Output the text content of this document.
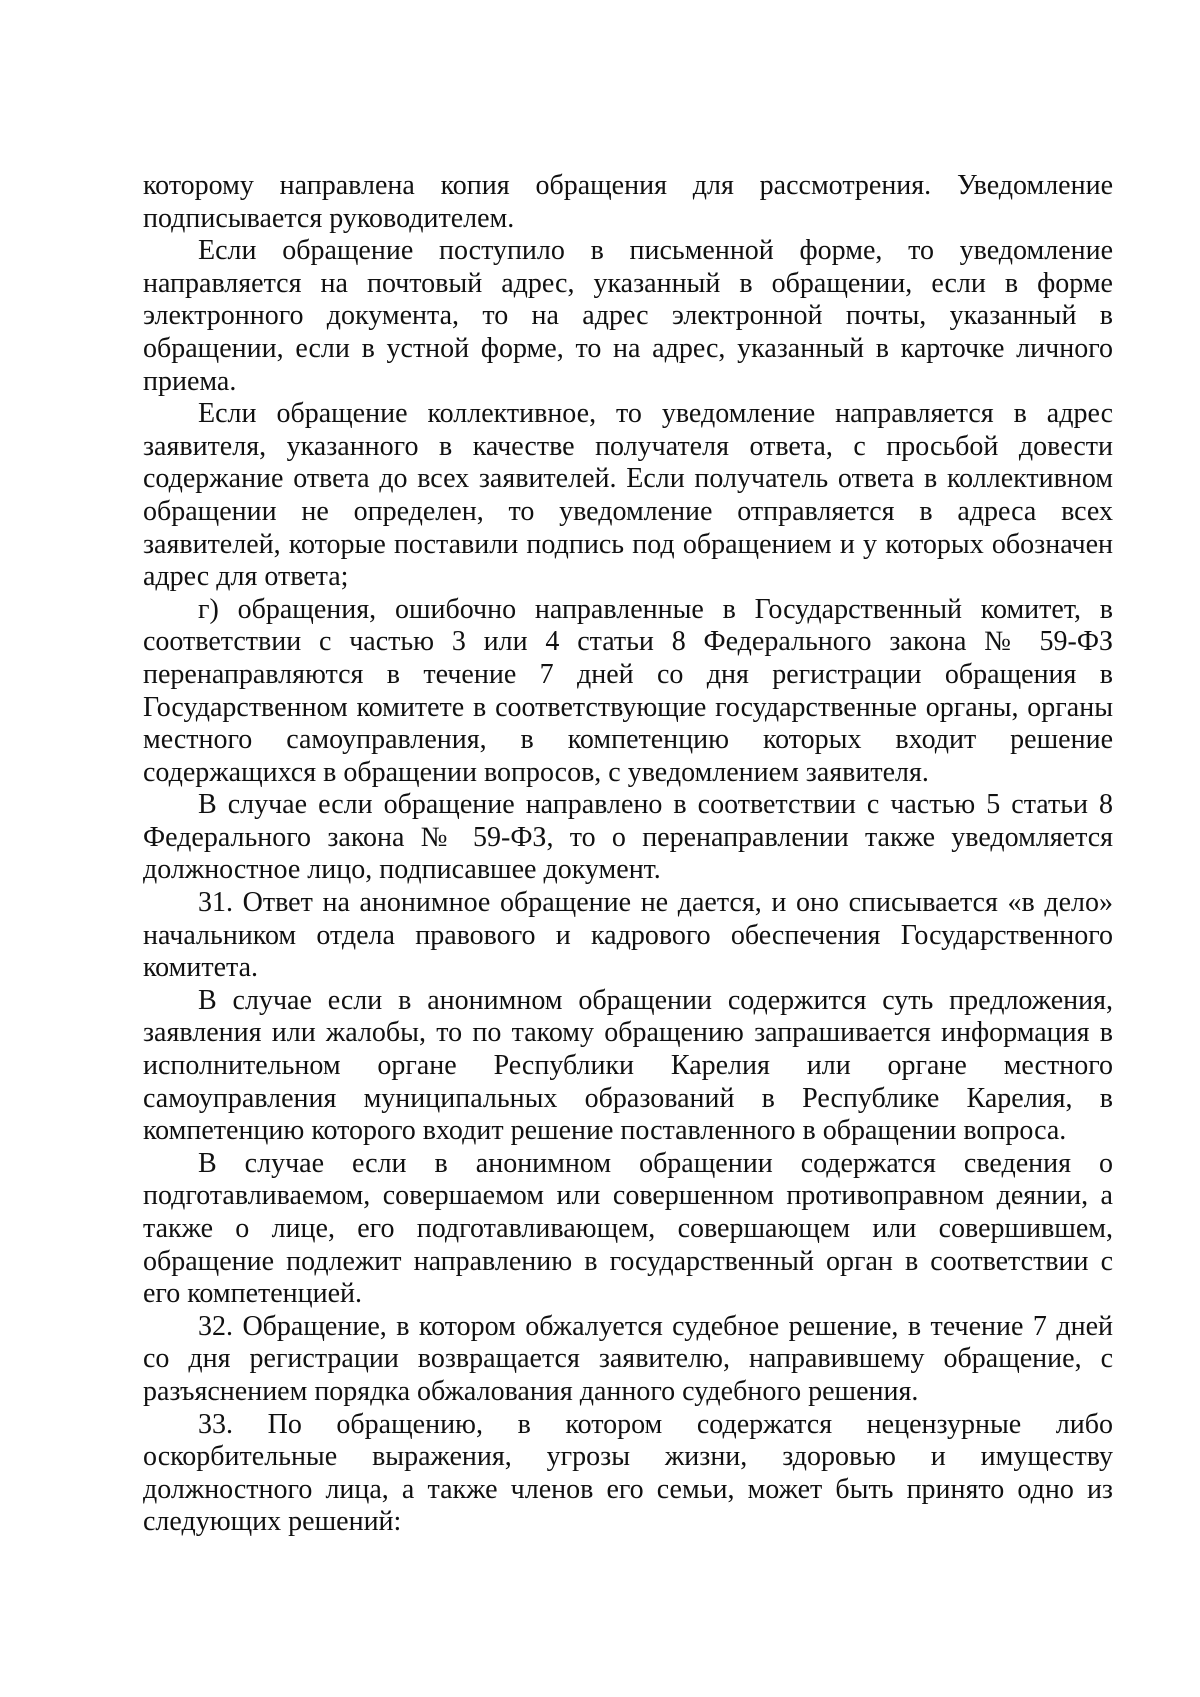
которому направлена копия обращения для рассмотрения. Уведомление подписывается руководителем.

Если обращение поступило в письменной форме, то уведомление направляется на почтовый адрес, указанный в обращении, если в форме электронного документа, то на адрес электронной почты, указанный в обращении, если в устной форме, то на адрес, указанный в карточке личного приема.

Если обращение коллективное, то уведомление направляется в адрес заявителя, указанного в качестве получателя ответа, с просьбой довести содержание ответа до всех заявителей. Если получатель ответа в коллективном обращении не определен, то уведомление отправляется в адреса всех заявителей, которые поставили подпись под обращением и у которых обозначен адрес для ответа;

г) обращения, ошибочно направленные в Государственный комитет, в соответствии с частью 3 или 4 статьи 8 Федерального закона № 59-ФЗ перенаправляются в течение 7 дней со дня регистрации обращения в Государственном комитете в соответствующие государственные органы, органы местного самоуправления, в компетенцию которых входит решение содержащихся в обращении вопросов, с уведомлением заявителя.

В случае если обращение направлено в соответствии с частью 5 статьи 8 Федерального закона № 59-ФЗ, то о перенаправлении также уведомляется должностное лицо, подписавшее документ.

31. Ответ на анонимное обращение не дается, и оно списывается «в дело» начальником отдела правового и кадрового обеспечения Государственного комитета.

В случае если в анонимном обращении содержится суть предложения, заявления или жалобы, то по такому обращению запрашивается информация в исполнительном органе Республики Карелия или органе местного самоуправления муниципальных образований в Республике Карелия, в компетенцию которого входит решение поставленного в обращении вопроса.

В случае если в анонимном обращении содержатся сведения о подготавливаемом, совершаемом или совершенном противоправном деянии, а также о лице, его подготавливающем, совершающем или совершившем, обращение подлежит направлению в государственный орган в соответствии с его компетенцией.

32. Обращение, в котором обжалуется судебное решение, в течение 7 дней со дня регистрации возвращается заявителю, направившему обращение, с разъяснением порядка обжалования данного судебного решения.

33. По обращению, в котором содержатся нецензурные либо оскорбительные выражения, угрозы жизни, здоровью и имуществу должностного лица, а также членов его семьи, может быть принято одно из следующих решений:
